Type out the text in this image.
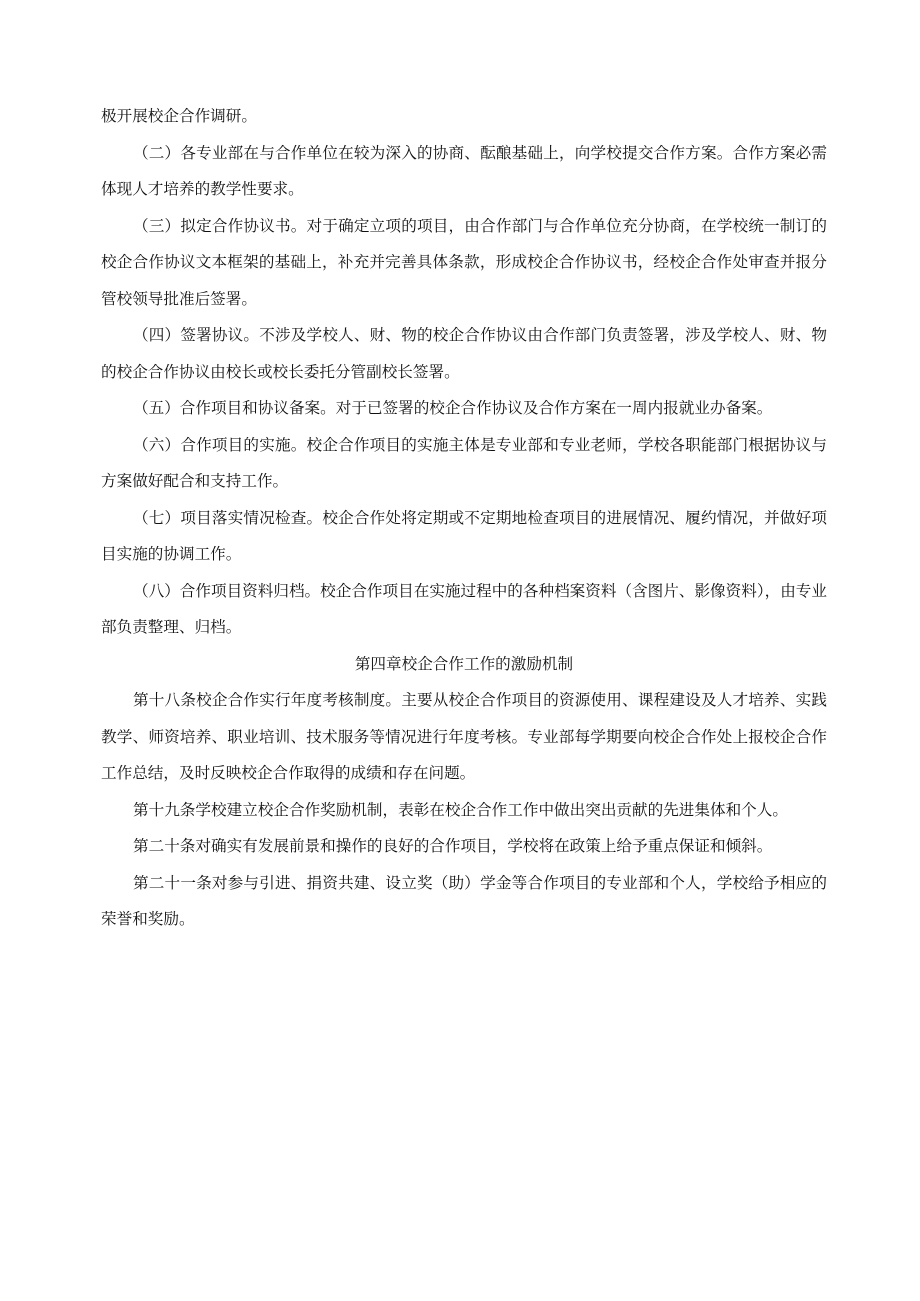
极开展校企合作调研。

（二）各专业部在与合作单位在较为深入的协商、酝酿基础上，向学校提交合作方案。合作方案必需体现人才培养的教学性要求。

（三）拟定合作协议书。对于确定立项的项目，由合作部门与合作单位充分协商，在学校统一制订的校企合作协议文本框架的基础上，补充并完善具体条款，形成校企合作协议书，经校企合作处审查并报分管校领导批准后签署。

（四）签署协议。不涉及学校人、财、物的校企合作协议由合作部门负责签署，涉及学校人、财、物的校企合作协议由校长或校长委托分管副校长签署。

（五）合作项目和协议备案。对于已签署的校企合作协议及合作方案在一周内报就业办备案。

（六）合作项目的实施。校企合作项目的实施主体是专业部和专业老师，学校各职能部门根据协议与方案做好配合和支持工作。

（七）项目落实情况检查。校企合作处将定期或不定期地检查项目的进展情况、履约情况，并做好项目实施的协调工作。

（八）合作项目资料归档。校企合作项目在实施过程中的各种档案资料（含图片、影像资料），由专业部负责整理、归档。

第四章校企合作工作的激励机制

第十八条校企合作实行年度考核制度。主要从校企合作项目的资源使用、课程建设及人才培养、实践教学、师资培养、职业培训、技术服务等情况进行年度考核。专业部每学期要向校企合作处上报校企合作工作总结，及时反映校企合作取得的成绩和存在问题。

第十九条学校建立校企合作奖励机制，表彰在校企合作工作中做出突出贡献的先进集体和个人。

第二十条对确实有发展前景和操作的良好的合作项目，学校将在政策上给予重点保证和倾斜。

第二十一条对参与引进、捐资共建、设立奖（助）学金等合作项目的专业部和个人，学校给予相应的荣誉和奖励。
